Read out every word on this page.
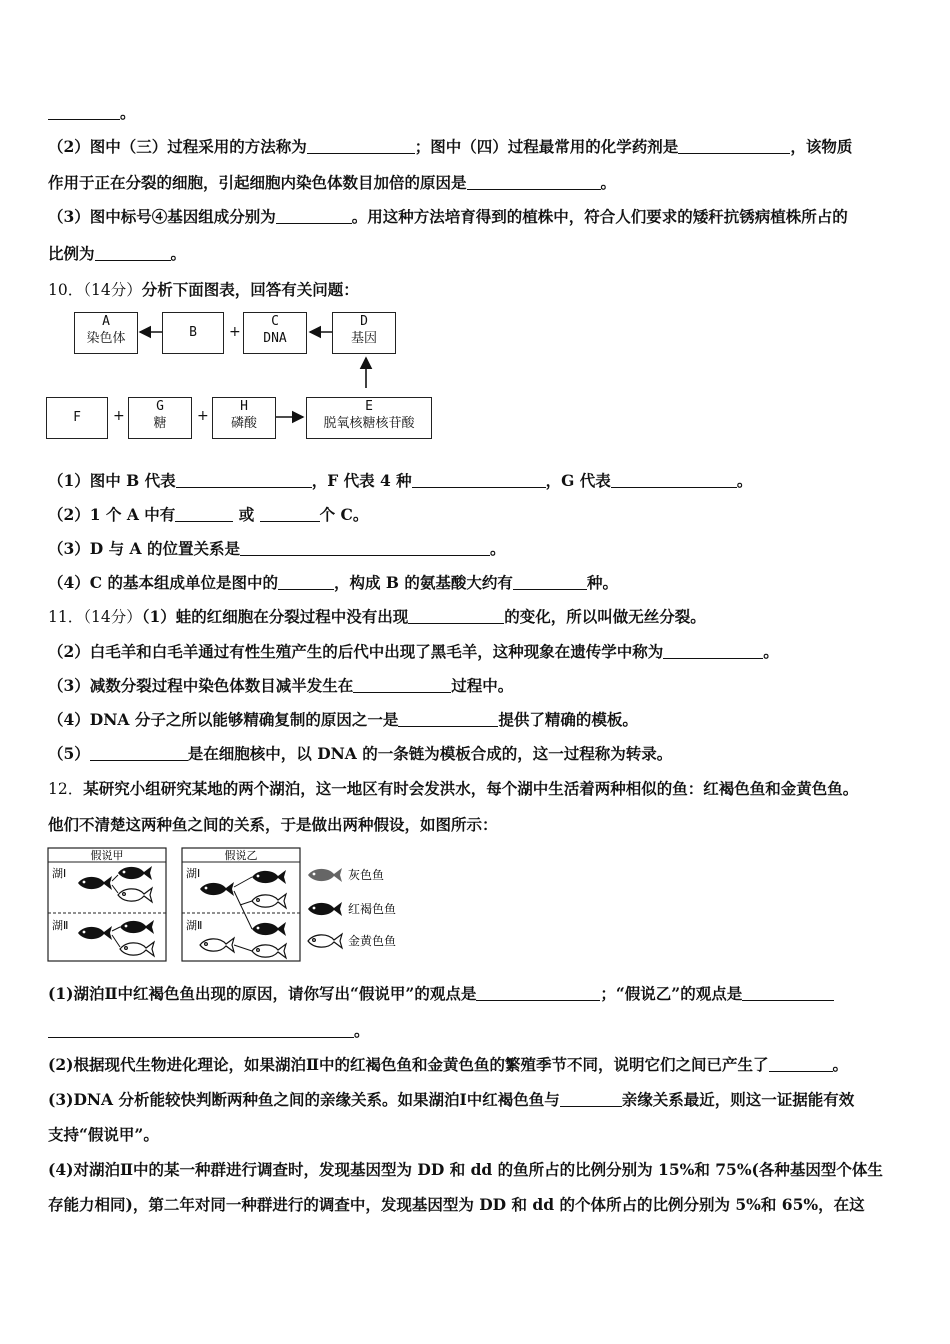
。
（2）图中（三）过程采用的方法称为	；图中（四）过程最常用的化学药剂是	，该物质
作用于正在分裂的细胞，引起细胞内染色体数目加倍的原因是	。
（3）图中标号④基因组成分别为	。用这种方法培育得到的植株中，符合人们要求的矮秆抗锈病植株所占的
比例为	。
10．（14分）分析下面图表，回答有关问题：
A
染色体	B	+
C
DNA
D
基因
F	+
G
糖	+
H
磷酸
E
脱氧核糖核苷酸
（1）图中 B 代表	，F 代表 4 种	，G 代表	。
（2）1 个 A 中有	或	个 C。
（3）D 与 A 的位置关系是	。
（4）C 的基本组成单位是图中的	，构成 B 的氨基酸大约有	种。
11．（14分）（1）蛙的红细胞在分裂过程中没有出现	的变化，所以叫做无丝分裂。
（2）白毛羊和白毛羊通过有性生殖产生的后代中出现了黑毛羊，这种现象在遗传学中称为	。
（3）减数分裂过程中染色体数目减半发生在	过程中。
（4）DNA 分子之所以能够精确复制的原因之一是	提供了精确的模板。
（5）	是在细胞核中，以 DNA 的一条链为模板合成的，这一过程称为转录。
12．某研究小组研究某地的两个湖泊，这一地区有时会发洪水，每个湖中生活着两种相似的鱼：红褐色鱼和金黄色鱼。
他们不清楚这两种鱼之间的关系，于是做出两种假设，如图所示：
假说甲
湖Ⅰ
湖Ⅱ
假说乙
湖Ⅰ
湖Ⅱ
灰色鱼
红褐色鱼
金黄色鱼
(1)湖泊Ⅱ中红褐色鱼出现的原因，请你写出“假说甲”的观点是	；“假说乙”的观点是
。
(2)根据现代生物进化理论，如果湖泊Ⅱ中的红褐色鱼和金黄色鱼的繁殖季节不同，说明它们之间已产生了	。
(3)DNA 分析能较快判断两种鱼之间的亲缘关系。如果湖泊Ⅰ中红褐色鱼与	亲缘关系最近，则这一证据能有效
支持“假说甲”。
(4)对湖泊Ⅱ中的某一种群进行调查时，发现基因型为 DD 和 dd 的鱼所占的比例分别为 15%和 75%(各种基因型个体生
存能力相同)，第二年对同一种群进行的调查中，发现基因型为 DD 和 dd 的个体所占的比例分别为 5%和 65%，在这
